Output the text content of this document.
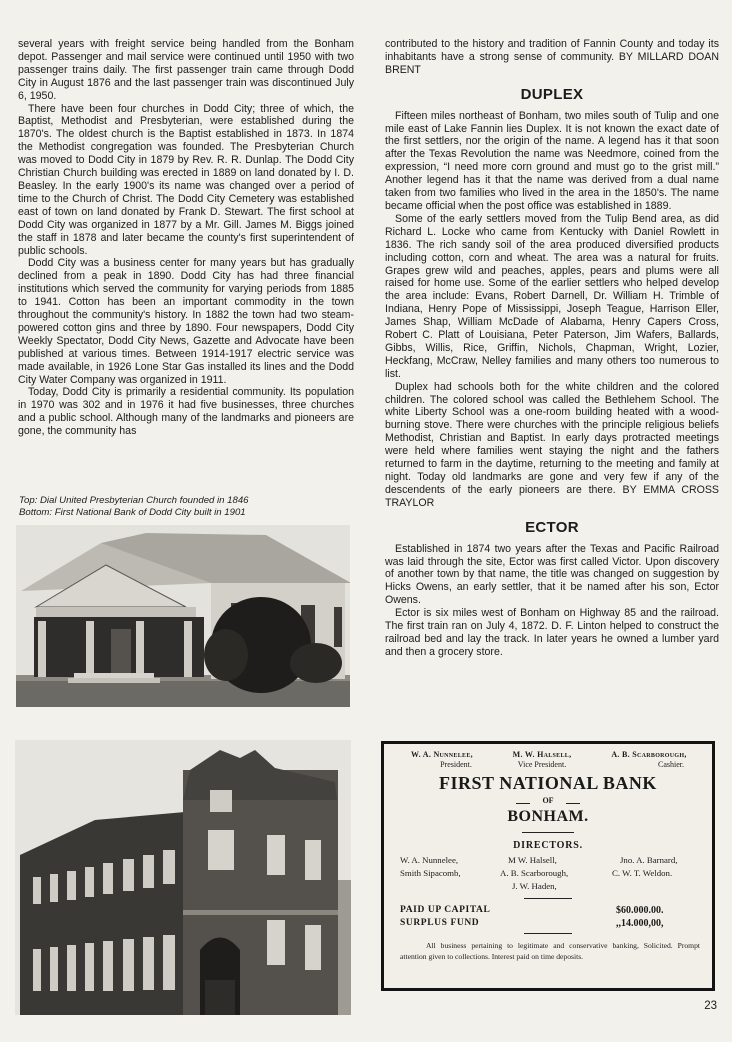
several years with freight service being handled from the Bonham depot. Passenger and mail service were continued until 1950 with two passenger trains daily. The first passenger train came through Dodd City in August 1876 and the last passenger train was discontinued July 6, 1950.

There have been four churches in Dodd City; three of which, the Baptist, Methodist and Presbyterian, were established during the 1870's. The oldest church is the Baptist established in 1873. In 1874 the Methodist congregation was founded. The Presbyterian Church was moved to Dodd City in 1879 by Rev. R. R. Dunlap. The Dodd City Christian Church building was erected in 1889 on land donated by I. D. Beasley. In the early 1900's its name was changed over a period of time to the Church of Christ. The Dodd City Cemetery was established east of town on land donated by Frank D. Stewart. The first school at Dodd City was organized in 1877 by a Mr. Gill. James M. Biggs joined the staff in 1878 and later became the county's first superintendent of public schools.

Dodd City was a business center for many years but has gradually declined from a peak in 1890. Dodd City has had three financial institutions which served the community for varying periods from 1885 to 1941. Cotton has been an important commodity in the town throughout the community's history. In 1882 the town had two steam-powered cotton gins and three by 1890. Four newspapers, Dodd City Weekly Spectator, Dodd City News, Gazette and Advocate have been published at various times. Between 1914-1917 electric service was made available, in 1926 Lone Star Gas installed its lines and the Dodd City Water Company was organized in 1911.

Today, Dodd City is primarily a residential community. Its population in 1970 was 302 and in 1976 it had five businesses, three churches and a public school. Although many of the landmarks and pioneers are gone, the community has

Top: Dial United Presbyterian Church founded in 1846
Bottom: First National Bank of Dodd City built in 1901

contributed to the history and tradition of Fannin County and today its inhabitants have a strong sense of community. BY MILLARD DOAN BRENT

DUPLEX

Fifteen miles northeast of Bonham, two miles south of Tulip and one mile east of Lake Fannin lies Duplex. It is not known the exact date of the first settlers, nor the origin of the name. A legend has it that soon after the Texas Revolution the name was Needmore, coined from the expression, “I need more corn ground and must go to the grist mill.” Another legend has it that the name was derived from a dual name taken from two families who lived in the area in the 1850's. The name became official when the post office was established in 1889.

Some of the early settlers moved from the Tulip Bend area, as did Richard L. Locke who came from Kentucky with Daniel Rowlett in 1836. The rich sandy soil of the area produced diversified products including cotton, corn and wheat. The area was a natural for fruits. Grapes grew wild and peaches, apples, pears and plums were all raised for home use. Some of the earlier settlers who helped develop the area include: Evans, Robert Darnell, Dr. William H. Trimble of Indiana, Henry Pope of Mississippi, Joseph Teague, Harrison Eller, James Shap, William McDade of Alabama, Henry Capers Cross, Robert C. Platt of Louisiana, Peter Paterson, Jim Wafers, Ballards, Gibbs, Willis, Rice, Griffin, Nichols, Chapman, Wright, Lozier, Heckfang, McCraw, Nelley families and many others too numerous to list.

Duplex had schools both for the white children and the colored children. The colored school was called the Bethlehem School. The white Liberty School was a one-room building heated with a wood-burning stove. There were churches with the principle religious beliefs Methodist, Christian and Baptist. In early days protracted meetings were held where families went staying the night and the fathers returned to farm in the daytime, returning to the meeting and family at night. Today old landmarks are gone and very few if any of the descendents of the early pioneers are there. BY EMMA CROSS TRAYLOR

ECTOR

Established in 1874 two years after the Texas and Pacific Railroad was laid through the site, Ector was first called Victor. Upon discovery of another town by that name, the title was changed on suggestion by Hicks Owens, an early settler, that it be named after his son, Ector Owens.

Ector is six miles west of Bonham on Highway 85 and the railroad. The first train ran on July 4, 1872. D. F. Linton helped to construct the railroad bed and lay the track. In later years he owned a lumber yard and then a grocery store.

W. A. Nunnelee,
President.
M. W. Halsell,
Vice President.
A. B. Scarborough,
Cashier.
FIRST NATIONAL BANK
OF
BONHAM.
DIRECTORS.
W. A. Nunnelee,
Smith Sipacomb,
M W. Halsell,
A. B. Scarborough,
J. W. Haden,
Jno. A. Barnard,
C. W. T. Weldon.
PAID UP CAPITAL
SURPLUS FUND
$60.000.00.
,,14.000,00,
All business pertaining to legitimate and conservative banking, Solicited. Prompt attention given to collections. Interest paid on time deposits.
23
